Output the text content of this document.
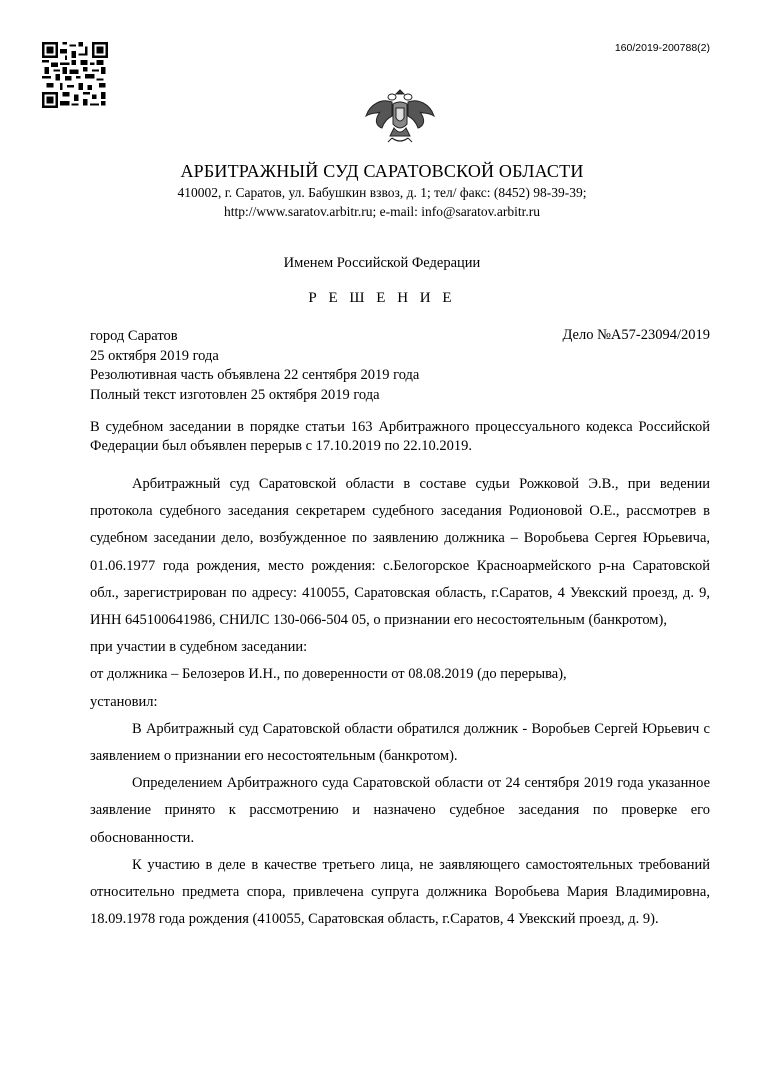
160/2019-200788(2)
АРБИТРАЖНЫЙ СУД САРАТОВСКОЙ ОБЛАСТИ
410002, г. Саратов, ул. Бабушкин взвоз, д. 1; тел/ факс: (8452) 98-39-39;
http://www.saratov.arbitr.ru; e-mail: info@saratov.arbitr.ru
Именем Российской Федерации
Р Е Ш Е Н И Е
город Саратов
25 октября 2019 года
Резолютивная часть объявлена 22 сентября 2019 года
Полный текст изготовлен 25 октября 2019 года
Дело №А57-23094/2019
В судебном заседании в порядке статьи 163 Арбитражного процессуального кодекса Российской Федерации был объявлен перерыв с 17.10.2019 по 22.10.2019.

Арбитражный суд Саратовской области в составе судьи Рожковой Э.В., при ведении протокола судебного заседания секретарем судебного заседания Родионовой О.Е., рассмотрев в судебном заседании дело, возбужденное по заявлению должника – Воробьева Сергея Юрьевича, 01.06.1977 года рождения, место рождения: с.Белогорское Красноармейского р-на Саратовской обл., зарегистрирован по адресу: 410055, Саратовская область, г.Саратов, 4 Увекский проезд, д. 9, ИНН 645100641986, СНИЛС 130-066-504 05, о признании его несостоятельным (банкротом),

при участии в судебном заседании:

от должника – Белозеров И.Н., по доверенности от 08.08.2019 (до перерыва),

установил:

В Арбитражный суд Саратовской области обратился должник - Воробьев Сергей Юрьевич с заявлением о признании его несостоятельным (банкротом).

Определением Арбитражного суда Саратовской области от 24 сентября 2019 года указанное заявление принято к рассмотрению и назначено судебное заседания по проверке его обоснованности.

К участию в деле в качестве третьего лица, не заявляющего самостоятельных требований относительно предмета спора, привлечена супруга должника Воробьева Мария Владимировна, 18.09.1978 года рождения (410055, Саратовская область, г.Саратов, 4 Увекский проезд, д. 9).
